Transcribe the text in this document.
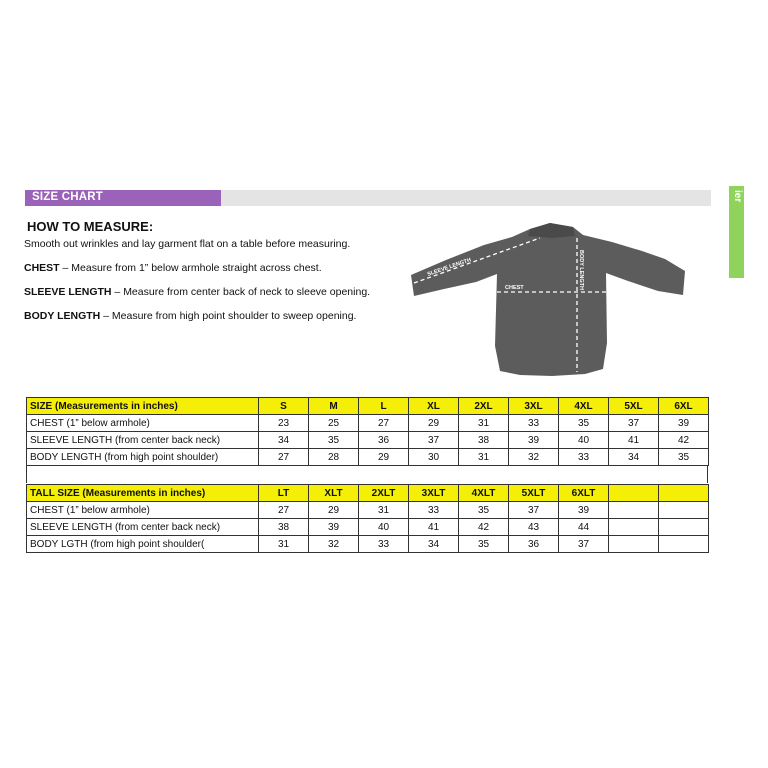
SIZE CHART	ier
HOW TO MEASURE:
Smooth out wrinkles and lay garment flat on a table before measuring.
CHEST – Measure from 1” below armhole straight across chest.
SLEEVE LENGTH – Measure from center back of neck to sleeve opening.
BODY LENGTH – Measure from high point shoulder to sweep opening.
SLEEVE LENGTH
CHEST	BODY LENGTH
SIZE (Measurements in inches)	S	M	L	XL	2XL	3XL	4XL	5XL	6XL
CHEST (1” below armhole)	23	25	27	29	31	33	35	37	39
SLEEVE LENGTH (from center back neck)	34	35	36	37	38	39	40	41	42
BODY LENGTH (from high point shoulder)	27	28	29	30	31	32	33	34	35
TALL SIZE (Measurements in inches)	LT	XLT	2XLT	3XLT	4XLT	5XLT	6XLT		
CHEST (1” below armhole)	27	29	31	33	35	37	39		
SLEEVE LENGTH (from center back neck)	38	39	40	41	42	43	44		
BODY LGTH (from high point shoulder(	31	32	33	34	35	36	37		
